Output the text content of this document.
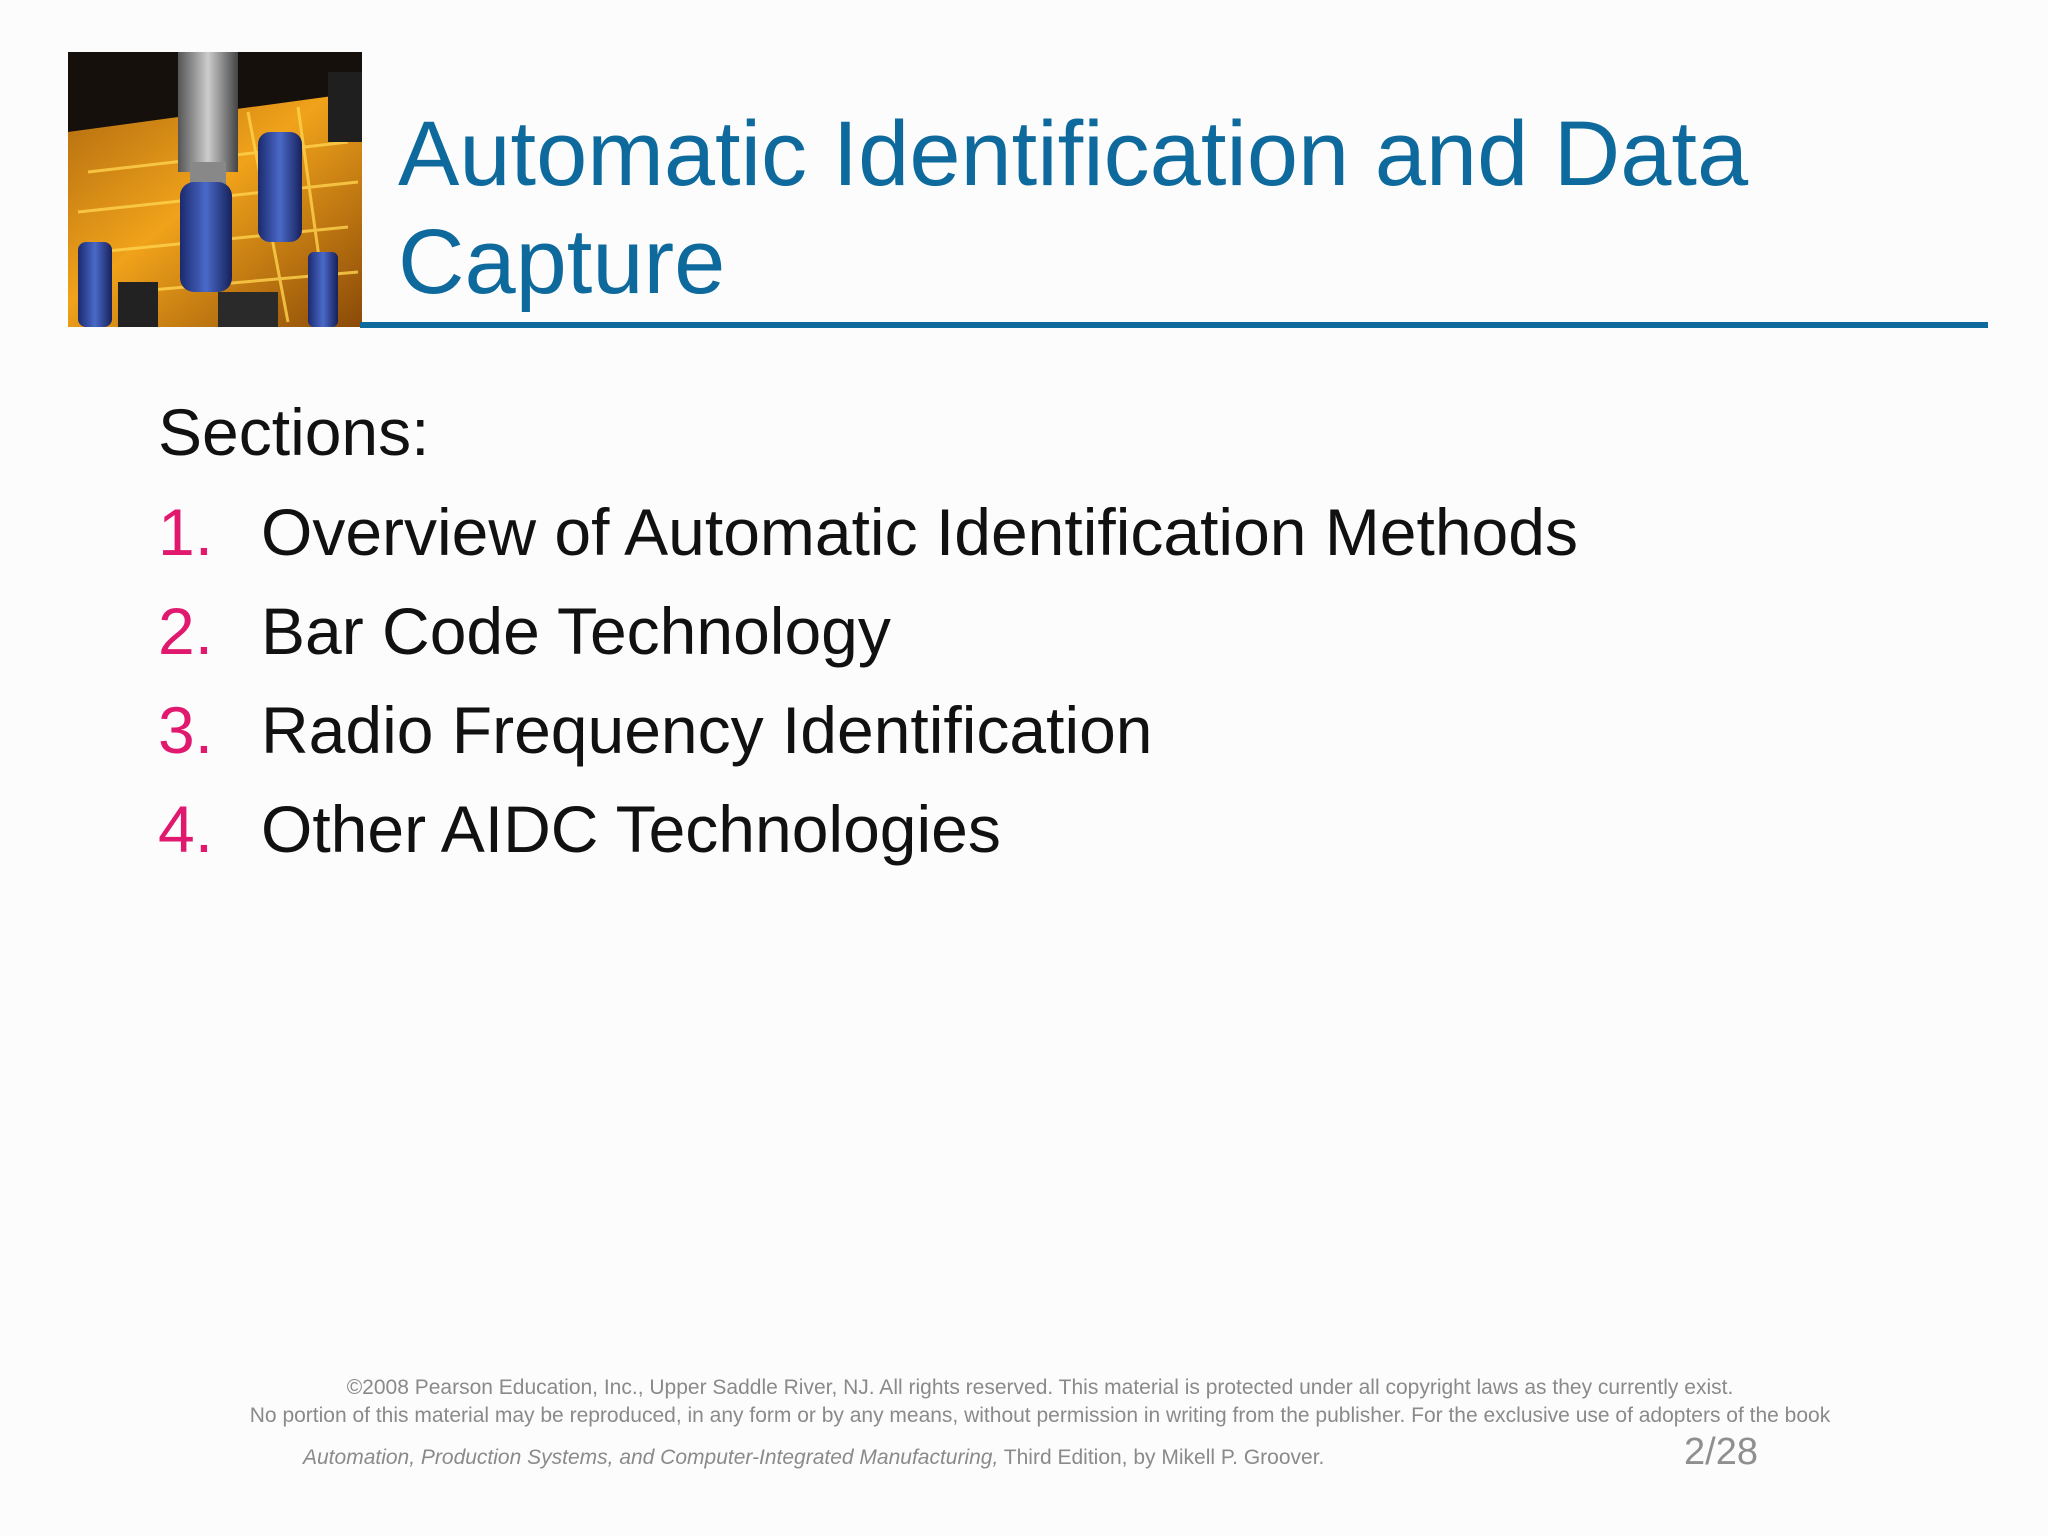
Automatic Identification and Data Capture

Sections:

1. Overview of Automatic Identification Methods
2. Bar Code Technology
3. Radio Frequency Identification
4. Other AIDC Technologies
©2008 Pearson Education, Inc., Upper Saddle River, NJ. All rights reserved. This material is protected under all copyright laws as they currently exist.
No portion of this material may be reproduced, in any form or by any means, without permission in writing from the publisher. For the exclusive use of adopters of the book
Automation, Production Systems, and Computer-Integrated Manufacturing, Third Edition, by Mikell P. Groover.	2/28
